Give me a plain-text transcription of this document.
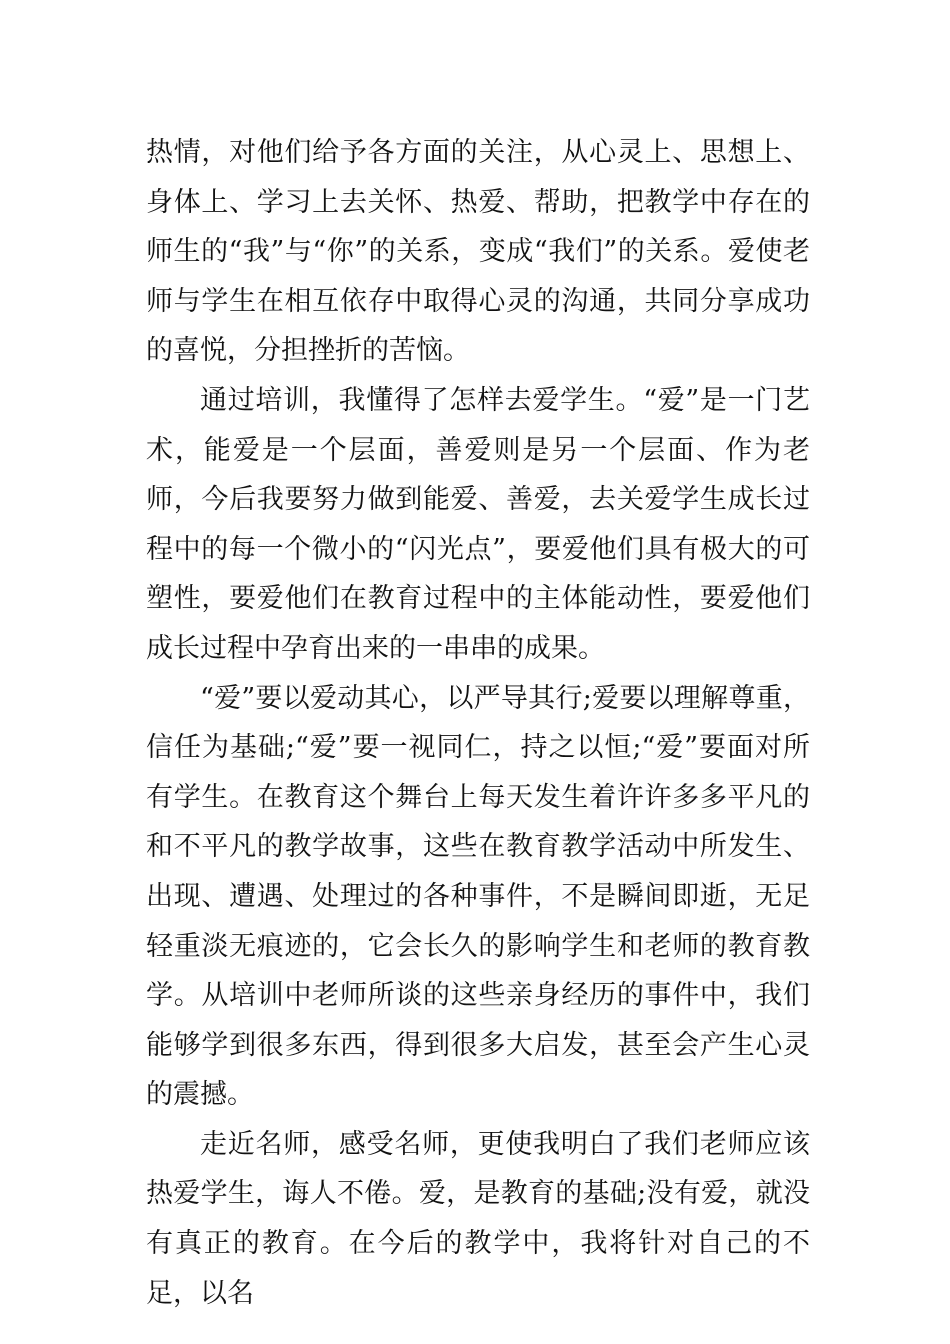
热情，对他们给予各方面的关注，从心灵上、思想上、身体上、学习上去关怀、热爱、帮助，把教学中存在的师生的“我”与“你”的关系，变成“我们”的关系。爱使老师与学生在相互依存中取得心灵的沟通，共同分享成功的喜悦，分担挫折的苦恼。

通过培训，我懂得了怎样去爱学生。“爱”是一门艺术，能爱是一个层面，善爱则是另一个层面、作为老师，今后我要努力做到能爱、善爱，去关爱学生成长过程中的每一个微小的“闪光点”，要爱他们具有极大的可塑性，要爱他们在教育过程中的主体能动性，要爱他们成长过程中孕育出来的一串串的成果。

“爱”要以爱动其心，以严导其行;爱要以理解尊重，信任为基础;“爱”要一视同仁，持之以恒;“爱”要面对所有学生。在教育这个舞台上每天发生着许许多多平凡的和不平凡的教学故事，这些在教育教学活动中所发生、出现、遭遇、处理过的各种事件，不是瞬间即逝，无足轻重淡无痕迹的，它会长久的影响学生和老师的教育教学。从培训中老师所谈的这些亲身经历的事件中，我们能够学到很多东西，得到很多大启发，甚至会产生心灵的震撼。

走近名师，感受名师，更使我明白了我们老师应该热爱学生，诲人不倦。爱，是教育的基础;没有爱，就没有真正的教育。在今后的教学中，我将针对自己的不足，以名
